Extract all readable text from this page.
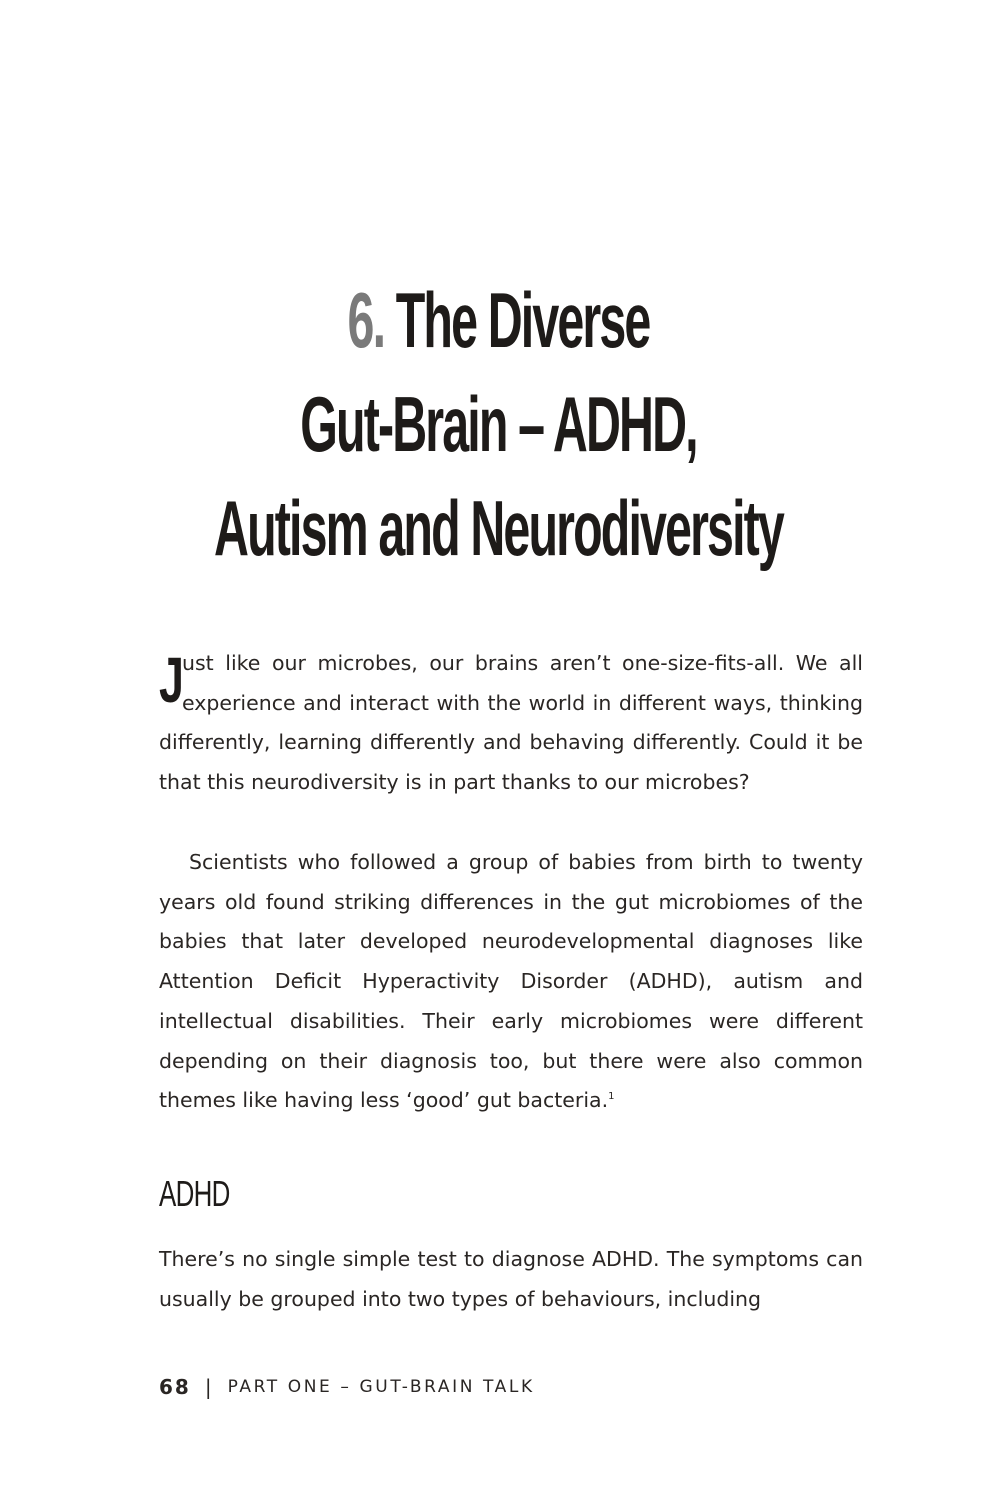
6. The Diverse
Gut-Brain – ADHD,
Autism and Neurodiversity

J
ust like our microbes, our brains aren’t one-size-fits-all. We all experience and interact with the world in different ways, thinking differently, learning differently and behaving differently. Could it be that this neurodiversity is in part thanks to our microbes?

Scientists who followed a group of babies from birth to twenty years old found striking differences in the gut microbiomes of the babies that later developed neurodevelopmental diagnoses like Attention Deficit Hyperactivity Disorder (ADHD), autism and intellectual disabilities. Their early microbiomes were different depending on their diagnosis too, but there were also common themes like having less ‘good’ gut bacteria.$^1$

ADHD

There’s no single simple test to diagnose ADHD. The symptoms can usually be grouped into two types of behaviours, including

68 | PART ONE – GUT-BRAIN TALK
